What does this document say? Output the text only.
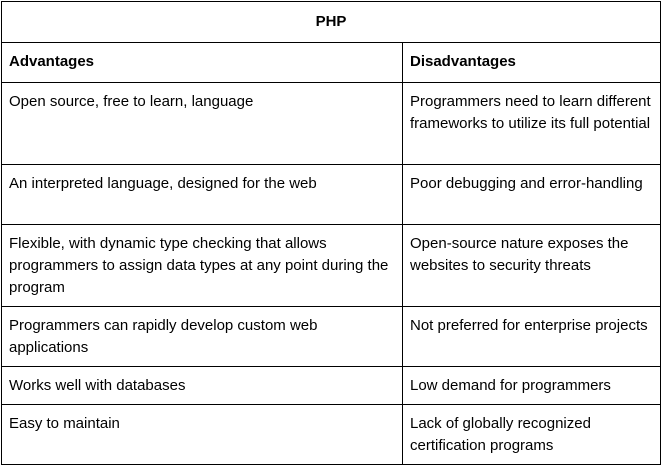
PHP	
Advantages	Disadvantages
Open source, free to learn, language	Programmers need to learn different frameworks to utilize its full potential
An interpreted language, designed for the web	Poor debugging and error-handling
Flexible, with dynamic type checking that allows programmers to assign data types at any point during the program	Open-source nature exposes the websites to security threats
Programmers can rapidly develop custom web applications	Not preferred for enterprise projects
Works well with databases	Low demand for programmers
Easy to maintain	Lack of globally recognized certification programs
